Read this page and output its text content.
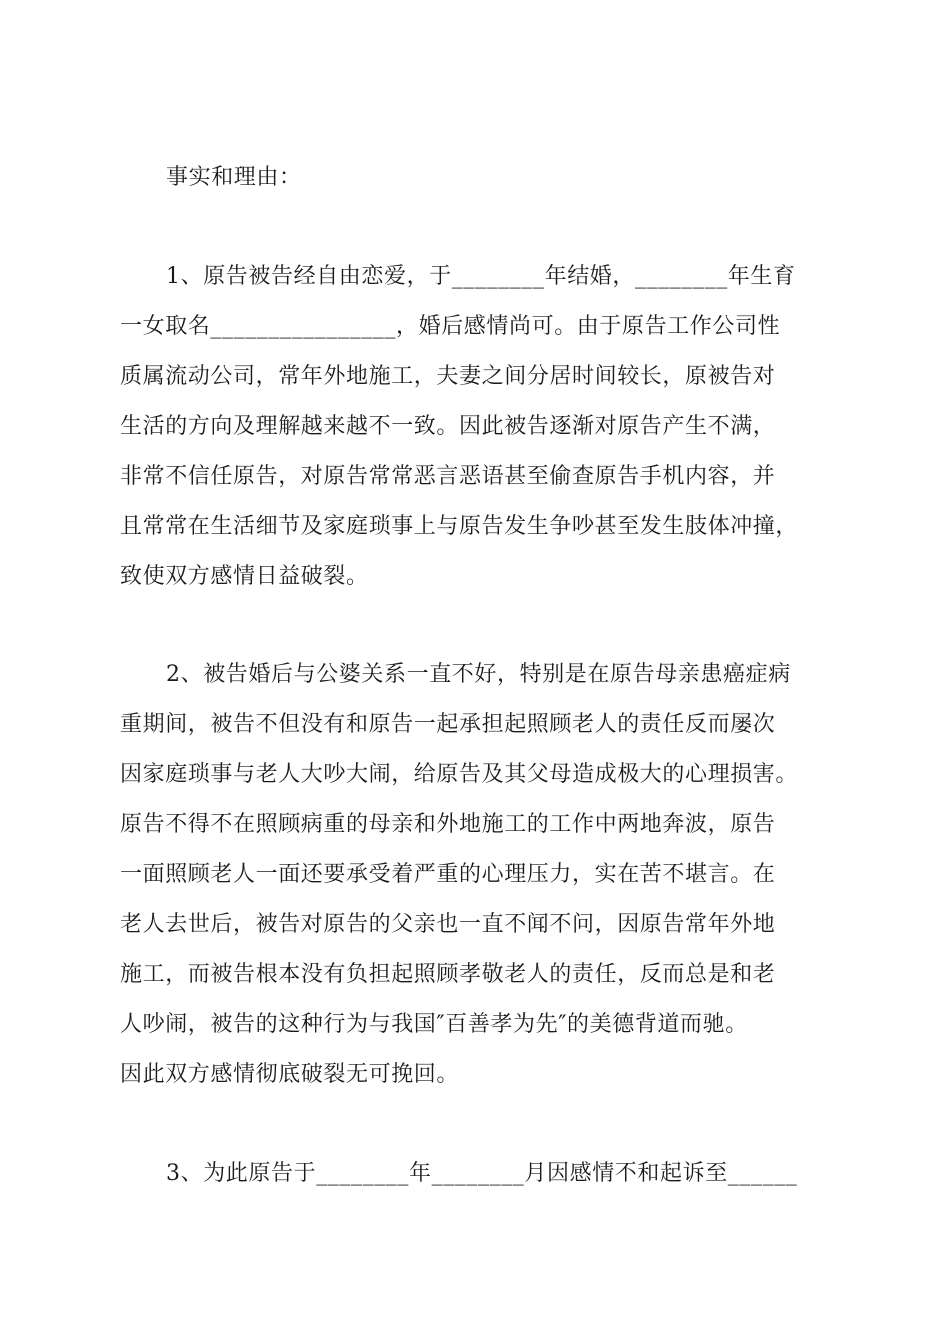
事实和理由：
1、原告被告经自由恋爱，于________年结婚，________年生育
一女取名________________，婚后感情尚可。由于原告工作公司性
质属流动公司，常年外地施工，夫妻之间分居时间较长，原被告对
生活的方向及理解越来越不一致。因此被告逐渐对原告产生不满，
非常不信任原告，对原告常常恶言恶语甚至偷查原告手机内容，并
且常常在生活细节及家庭琐事上与原告发生争吵甚至发生肢体冲撞，
致使双方感情日益破裂。
2、被告婚后与公婆关系一直不好，特别是在原告母亲患癌症病
重期间，被告不但没有和原告一起承担起照顾老人的责任反而屡次
因家庭琐事与老人大吵大闹，给原告及其父母造成极大的心理损害。
原告不得不在照顾病重的母亲和外地施工的工作中两地奔波，原告
一面照顾老人一面还要承受着严重的心理压力，实在苦不堪言。在
老人去世后，被告对原告的父亲也一直不闻不问，因原告常年外地
施工，而被告根本没有负担起照顾孝敬老人的责任，反而总是和老
人吵闹，被告的这种行为与我国″百善孝为先″的美德背道而驰。
因此双方感情彻底破裂无可挽回。
3、为此原告于________年________月因感情不和起诉至______
